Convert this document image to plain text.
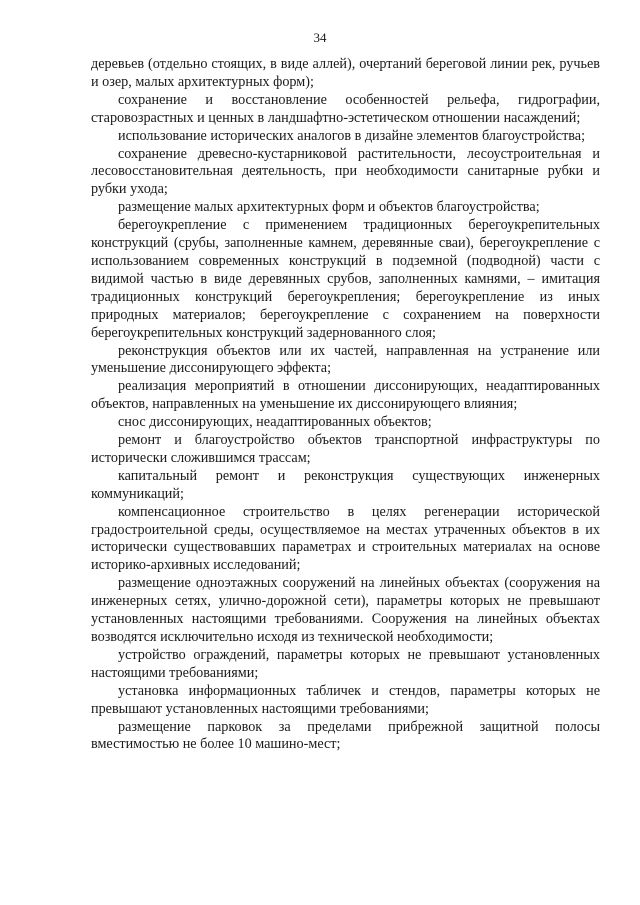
34

деревьев (отдельно стоящих, в виде аллей), очертаний береговой линии рек, ручьев и озер, малых архитектурных форм);

сохранение и восстановление особенностей рельефа, гидрографии, старовозрастных и ценных в ландшафтно-эстетическом отношении насаждений;

использование исторических аналогов в дизайне элементов благоустройства;

сохранение древесно-кустарниковой растительности, лесоустроительная и лесовосстановительная деятельность, при необходимости санитарные рубки и рубки ухода;

размещение малых архитектурных форм и объектов благоустройства;

берегоукрепление с применением традиционных берегоукрепительных конструкций (срубы, заполненные камнем, деревянные сваи), берегоукрепление с использованием современных конструкций в подземной (подводной) части с видимой частью в виде деревянных срубов, заполненных камнями, – имитация традиционных конструкций берегоукрепления; берегоукрепление из иных природных материалов; берегоукрепление с сохранением на поверхности берегоукрепительных конструкций задернованного слоя;

реконструкция объектов или их частей, направленная на устранение или уменьшение диссонирующего эффекта;

реализация мероприятий в отношении диссонирующих, неадаптированных объектов, направленных на уменьшение их диссонирующего влияния;

снос диссонирующих, неадаптированных объектов;

ремонт и благоустройство объектов транспортной инфраструктуры по исторически сложившимся трассам;

капитальный ремонт и реконструкция существующих инженерных коммуникаций;

компенсационное строительство в целях регенерации исторической градостроительной среды, осуществляемое на местах утраченных объектов в их исторически существовавших параметрах и строительных материалах на основе историко-архивных исследований;

размещение одноэтажных сооружений на линейных объектах (сооружения на инженерных сетях, улично-дорожной сети), параметры которых не превышают установленных настоящими требованиями. Сооружения на линейных объектах возводятся исключительно исходя из технической необходимости;

устройство ограждений, параметры которых не превышают установленных настоящими требованиями;

установка информационных табличек и стендов, параметры которых не превышают установленных настоящими требованиями;

размещение парковок за пределами прибрежной защитной полосы вместимостью не более 10 машино-мест;
